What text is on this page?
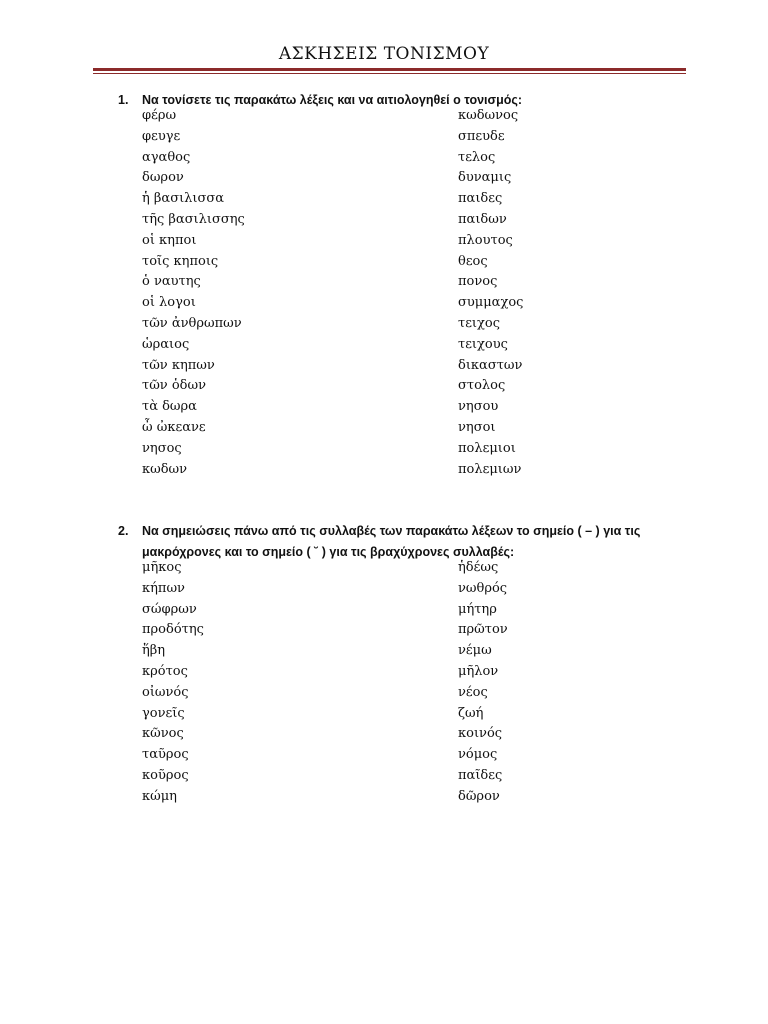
ΑΣΚΗΣΕΙΣ ΤΟΝΙΣΜΟΥ
1. Να τονίσετε τις παρακάτω λέξεις και να αιτιολογηθεί ο τονισμός:
φέρω
φευγε
αγαθος
δωρον
ἡ βασιλισσα
τῆς βασιλισσης
οἱ κηποι
τοῖς κηποις
ὁ ναυτης
οἱ λογοι
τῶν ἀνθρωπων
ὡραιος
τῶν κηπων
τῶν ὁδων
τὰ δωρα
ὦ ὠκεανε
νησος
κωδων
κωδωνος
σπευδε
τελος
δυναμις
παιδες
παιδων
πλουτος
θεος
πονος
συμμαχος
τειχος
τειχους
δικαστων
στολος
νησου
νησοι
πολεμιοι
πολεμιων
2. Να σημειώσεις πάνω από τις συλλαβές των παρακάτω λέξεων το σημείο ( – ) για τις
μακρόχρονες και το σημείο ( ˘ ) για τις βραχύχρονες συλλαβές:
μῆκος
κήπων
σώφρων
προδότης
ἥβη
κρότος
οἰωνός
γονεῖς
κῶνος
ταῦρος
κοῦρος
κώμη
ἡδέως
νωθρός
μήτηρ
πρῶτον
νέμω
μῆλον
νέος
ζωή
κοινός
νόμος
παῖδες
δῶρον
